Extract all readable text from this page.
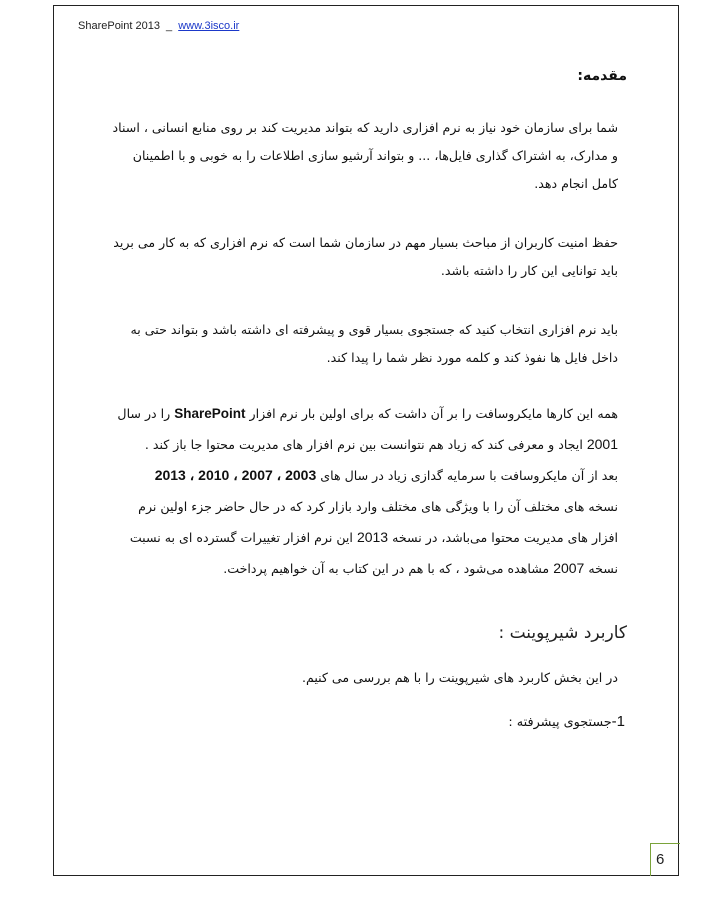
SharePoint 2013 _ www.3isco.ir
مقدمه:

شما برای سازمان خود نیاز به نرم افزاری دارید که بتواند مدیریت کند بر روی منابع انسانی ، اسناد

و مدارک، به اشتراک گذاری فایل‌ها، ... و بتواند آرشیو سازی اطلاعات را به خوبی و با اطمینان

کامل انجام دهد.

حفظ امنیت کاربران از مباحث بسیار مهم در سازمان شما است که نرم افزاری که به کار می برید

باید توانایی این کار را داشته باشد.

باید نرم افزاری انتخاب کنید که جستجوی بسیار قوی و پیشرفته ای داشته باشد و بتواند حتی به

داخل فایل ها نفوذ کند و کلمه مورد نظر شما را پیدا کند.

همه این کارها مایکروسافت را بر آن داشت که برای اولین بار نرم افزار SharePoint را در سال

2001 ایجاد و معرفی کند که زیاد هم نتوانست بین نرم افزار های مدیریت محتوا جا باز کند .

بعد از آن مایکروسافت با سرمایه گدازی زیاد در سال های 2003 ، 2007 ، 2010 ، 2013

نسخه های مختلف آن را با ویژگی های مختلف وارد بازار کرد که در حال حاضر جزء اولین نرم

افزار های مدیریت محتوا می‌باشد، در نسخه 2013 این نرم افزار تغییرات گسترده ای به نسبت

نسخه 2007 مشاهده می‌شود ، که با هم در این کتاب به آن خواهیم پرداخت.

کاربرد شیرپوینت :
در این بخش کاربرد های شیرپوینت را با هم بررسی می کنیم.
1-جستجوی پیشرفته :
6
